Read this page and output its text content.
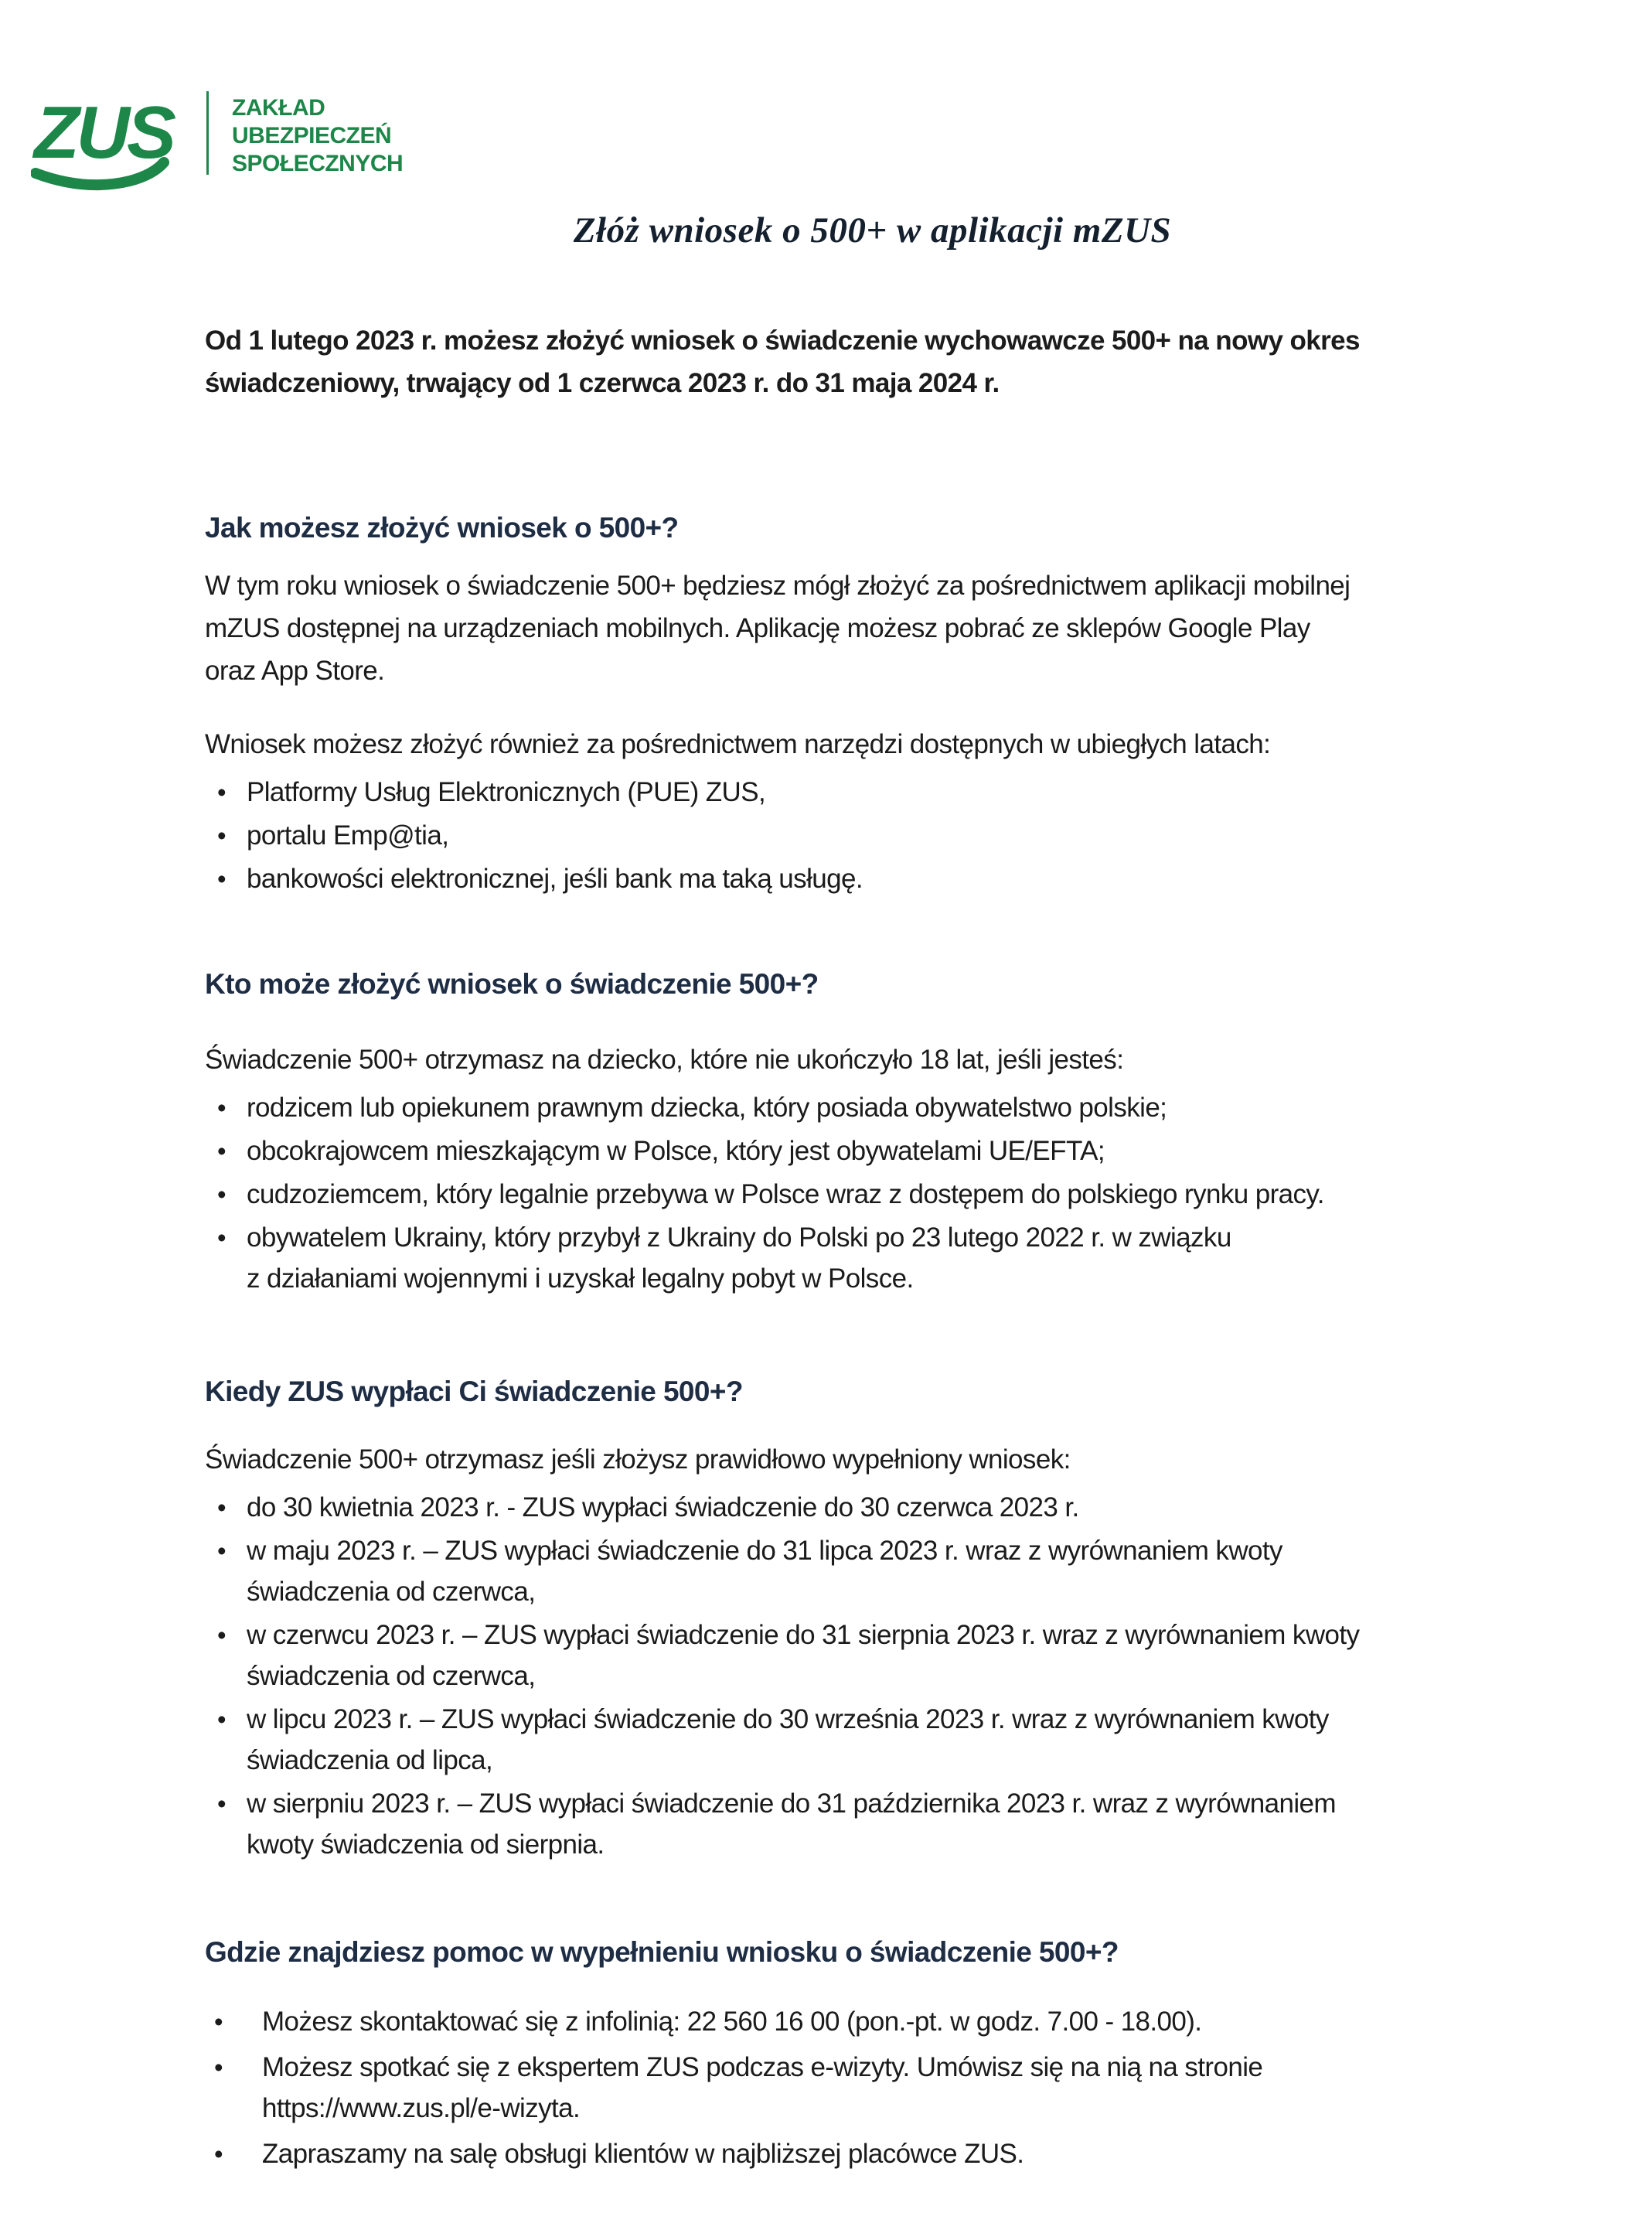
ZUS	ZAKŁAD
UBEZPIECZEŃ
SPOŁECZNYCH
Złóż wniosek o 500+ w aplikacji mZUS
Od 1 lutego 2023 r. możesz złożyć wniosek o świadczenie wychowawcze 500+ na nowy okres
świadczeniowy, trwający od 1 czerwca 2023 r. do 31 maja 2024 r.
Jak możesz złożyć wniosek o 500+?
W tym roku wniosek o świadczenie 500+ będziesz mógł złożyć za pośrednictwem aplikacji mobilnej
mZUS dostępnej na urządzeniach mobilnych. Aplikację możesz pobrać ze sklepów Google Play
oraz App Store.
Wniosek możesz złożyć również za pośrednictwem narzędzi dostępnych w ubiegłych latach:
• Platformy Usług Elektronicznych (PUE) ZUS,
• portalu Emp@tia,
• bankowości elektronicznej, jeśli bank ma taką usługę.
Kto może złożyć wniosek o świadczenie 500+?
Świadczenie 500+ otrzymasz na dziecko, które nie ukończyło 18 lat, jeśli jesteś:
• rodzicem lub opiekunem prawnym dziecka, który posiada obywatelstwo polskie;
• obcokrajowcem mieszkającym w Polsce, który jest obywatelami UE/EFTA;
• cudzoziemcem, który legalnie przebywa w Polsce wraz z dostępem do polskiego rynku pracy.
• obywatelem Ukrainy, który przybył z Ukrainy do Polski po 23 lutego 2022 r. w związku
z działaniami wojennymi i uzyskał legalny pobyt w Polsce.
Kiedy ZUS wypłaci Ci świadczenie 500+?
Świadczenie 500+ otrzymasz jeśli złożysz prawidłowo wypełniony wniosek:
• do 30 kwietnia 2023 r. - ZUS wypłaci świadczenie do 30 czerwca 2023 r.
• w maju 2023 r. – ZUS wypłaci świadczenie do 31 lipca 2023 r. wraz z wyrównaniem kwoty
świadczenia od czerwca,
• w czerwcu 2023 r. – ZUS wypłaci świadczenie do 31 sierpnia 2023 r. wraz z wyrównaniem kwoty
świadczenia od czerwca,
• w lipcu 2023 r. – ZUS wypłaci świadczenie do 30 września 2023 r. wraz z wyrównaniem kwoty
świadczenia od lipca,
• w sierpniu 2023 r. – ZUS wypłaci świadczenie do 31 października 2023 r. wraz z wyrównaniem
kwoty świadczenia od sierpnia.
Gdzie znajdziesz pomoc w wypełnieniu wniosku o świadczenie 500+?
•	Możesz skontaktować się z infolinią: 22 560 16 00 (pon.-pt. w godz. 7.00 - 18.00).
•	Możesz spotkać się z ekspertem ZUS podczas e-wizyty. Umówisz się na nią na stronie
https://www.zus.pl/e-wizyta.
•	Zapraszamy na salę obsługi klientów w najbliższej placówce ZUS.
